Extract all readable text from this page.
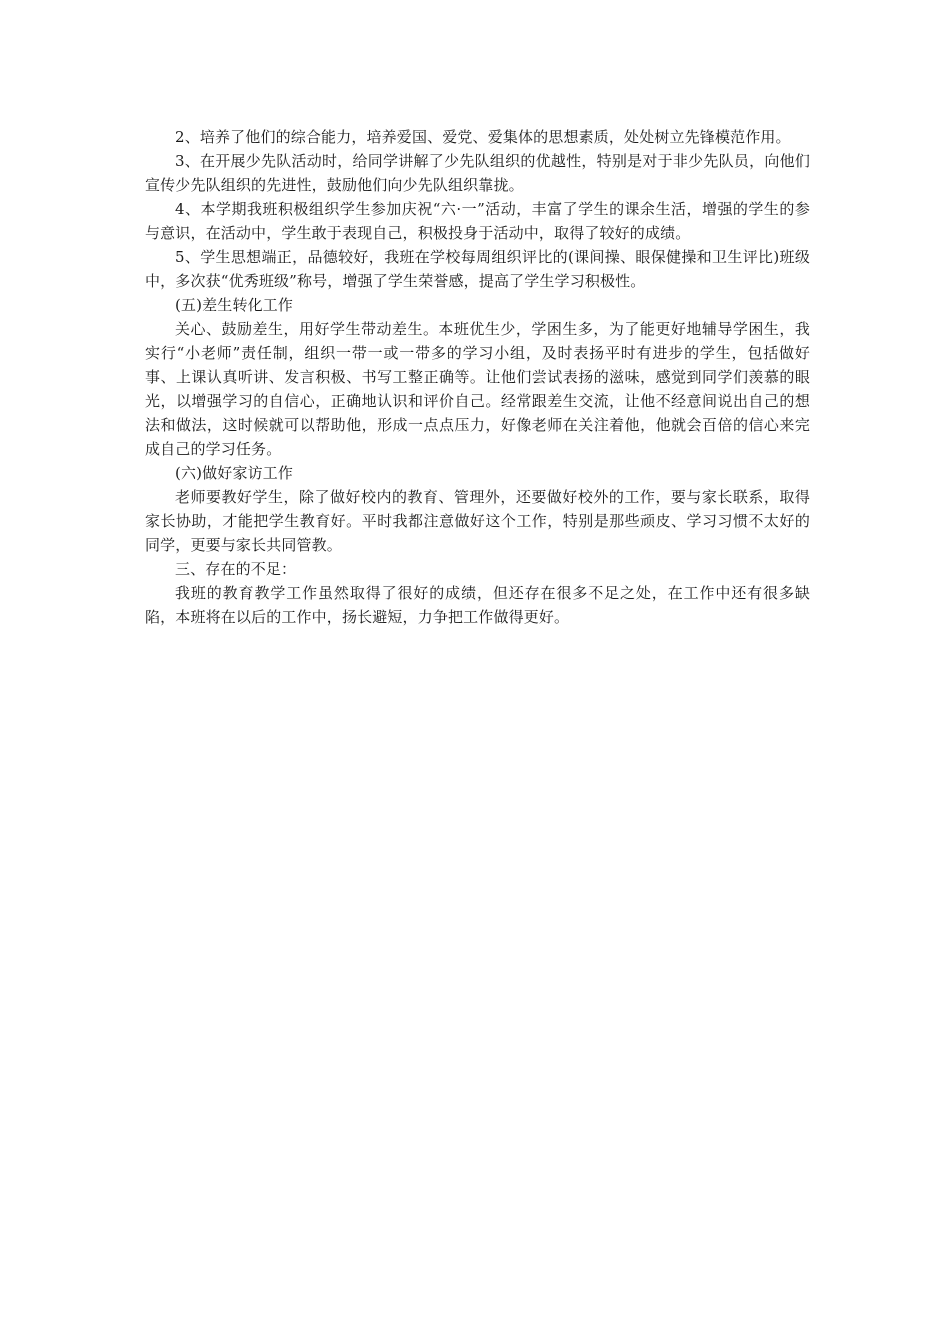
2、培养了他们的综合能力，培养爱国、爱党、爱集体的思想素质，处处树立先锋模范作用。

3、在开展少先队活动时，给同学讲解了少先队组织的优越性，特别是对于非少先队员，向他们宣传少先队组织的先进性，鼓励他们向少先队组织靠拢。

4、本学期我班积极组织学生参加庆祝“六·一”活动，丰富了学生的课余生活，增强的学生的参与意识，在活动中，学生敢于表现自己，积极投身于活动中，取得了较好的成绩。

5、学生思想端正，品德较好，我班在学校每周组织评比的(课间操、眼保健操和卫生评比)班级中，多次获“优秀班级”称号，增强了学生荣誉感，提高了学生学习积极性。

(五)差生转化工作

关心、鼓励差生，用好学生带动差生。本班优生少，学困生多，为了能更好地辅导学困生，我实行“小老师”责任制，组织一带一或一带多的学习小组，及时表扬平时有进步的学生，包括做好事、上课认真听讲、发言积极、书写工整正确等。让他们尝试表扬的滋味，感觉到同学们羡慕的眼光，以增强学习的自信心，正确地认识和评价自己。经常跟差生交流，让他不经意间说出自己的想法和做法，这时候就可以帮助他，形成一点点压力，好像老师在关注着他，他就会百倍的信心来完成自己的学习任务。

(六)做好家访工作

老师要教好学生，除了做好校内的教育、管理外，还要做好校外的工作，要与家长联系，取得家长协助，才能把学生教育好。平时我都注意做好这个工作，特别是那些顽皮、学习习惯不太好的同学，更要与家长共同管教。

三、存在的不足：

我班的教育教学工作虽然取得了很好的成绩，但还存在很多不足之处，在工作中还有很多缺陷，本班将在以后的工作中，扬长避短，力争把工作做得更好。
